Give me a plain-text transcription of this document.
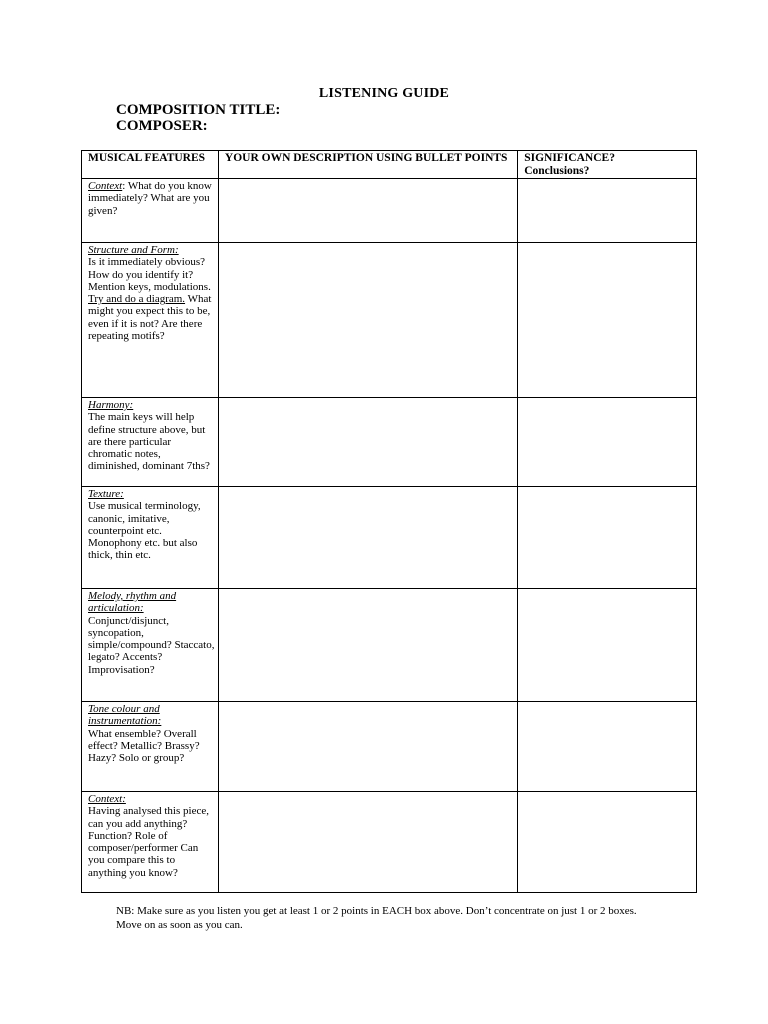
LISTENING GUIDE
COMPOSITION TITLE:
COMPOSER:
MUSICAL FEATURES	YOUR OWN DESCRIPTION USING BULLET POINTS	SIGNIFICANCE?
Conclusions?

Context: What do you know immediately? What are you given?		

Structure and Form:
Is it immediately obvious? How do you identify it? Mention keys, modulations. Try and do a diagram. What might you expect this to be, even if it is not? Are there repeating motifs?		

Harmony:
The main keys will help define structure above, but are there particular chromatic notes, diminished, dominant 7ths?		

Texture:
Use musical terminology, canonic, imitative, counterpoint etc. Monophony etc. but also thick, thin etc.		

Melody, rhythm and articulation:
Conjunct/disjunct, syncopation, simple/compound? Staccato, legato? Accents? Improvisation?		

Tone colour and instrumentation:
What ensemble? Overall effect? Metallic? Brassy? Hazy? Solo or group?		

Context:
Having analysed this piece, can you add anything? Function? Role of composer/performer Can you compare this to anything you know?		

NB: Make sure as you listen you get at least 1 or 2 points in EACH box above. Don’t concentrate on just 1 or 2 boxes. Move on as soon as you can.
